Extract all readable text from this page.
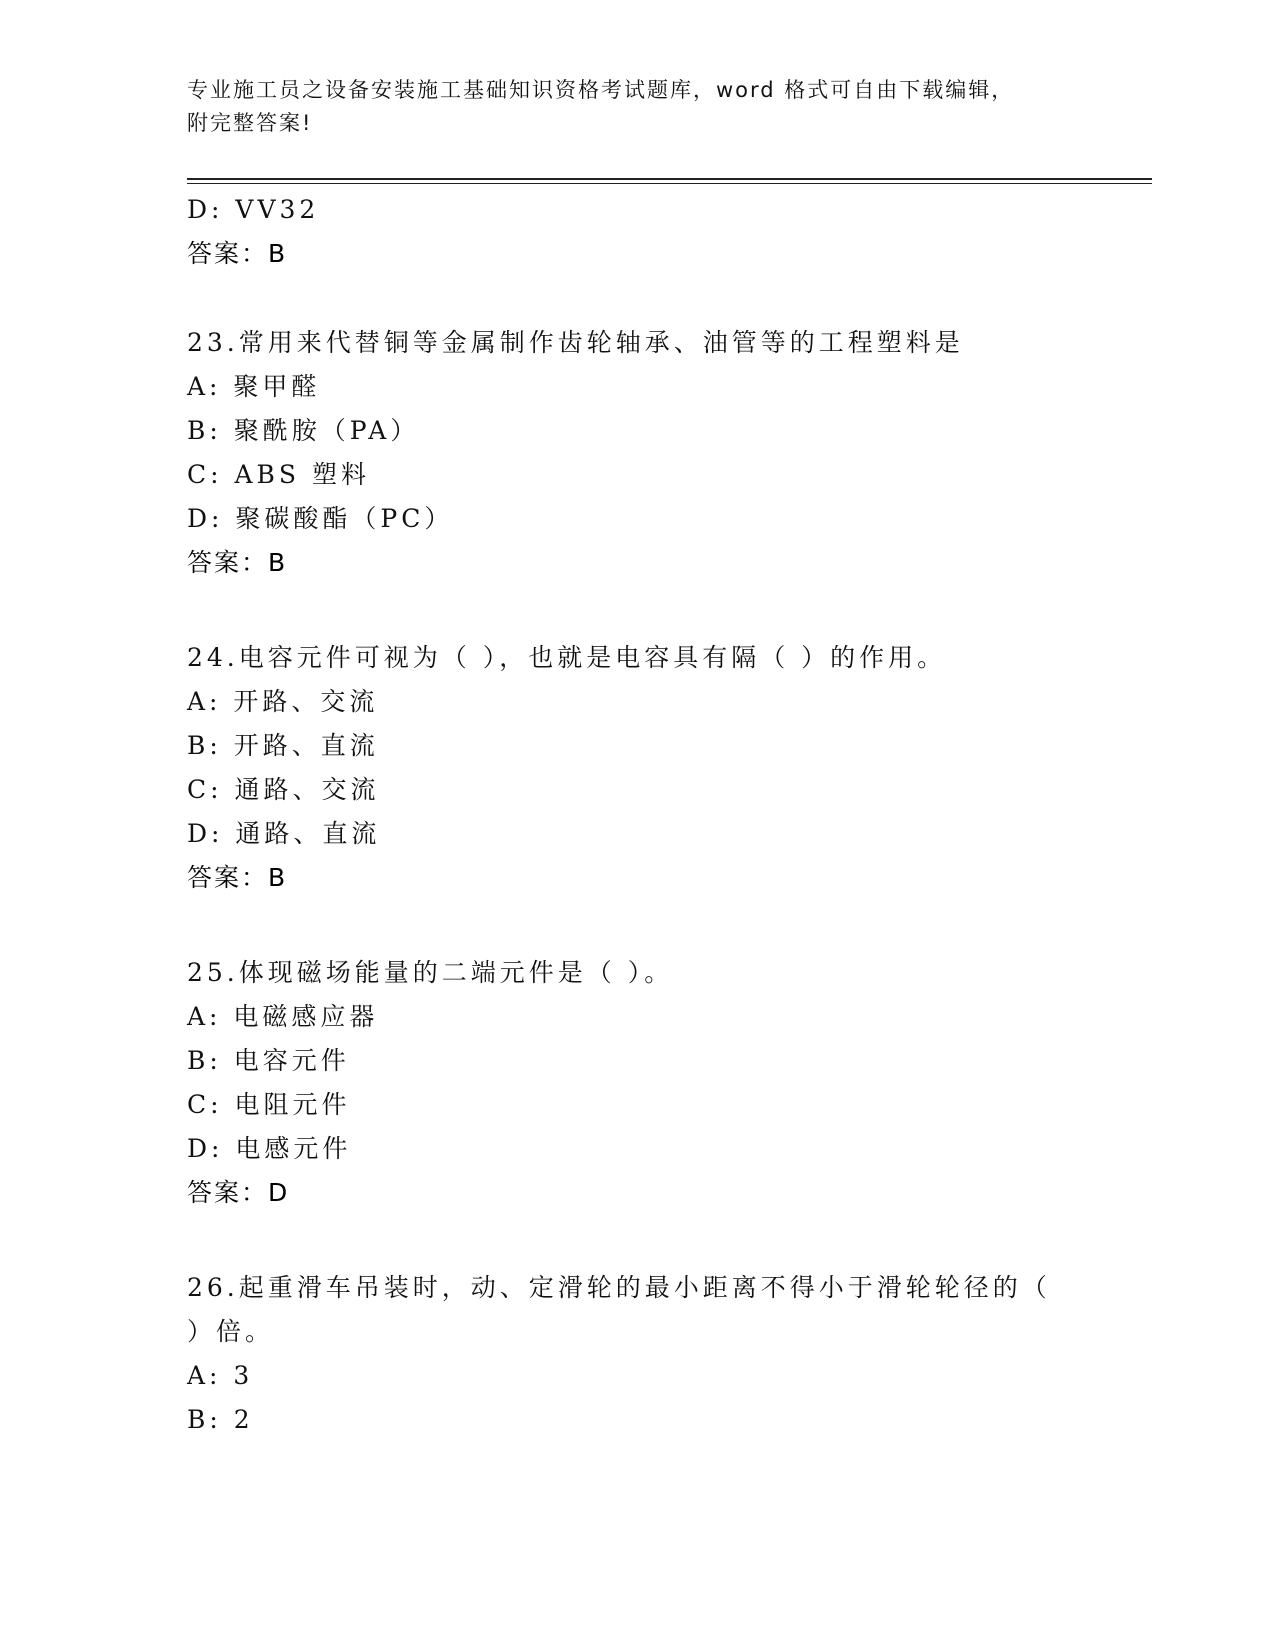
专业施工员之设备安装施工基础知识资格考试题库，word 格式可自由下载编辑，
附完整答案!
D: VV32
答案：B
23.常用来代替铜等金属制作齿轮轴承、油管等的工程塑料是
A: 聚甲醛
B: 聚酰胺（PA）
C: ABS 塑料
D: 聚碳酸酯（PC）
答案：B
24.电容元件可视为（ ），也就是电容具有隔（ ）的作用。
A: 开路、交流
B: 开路、直流
C: 通路、交流
D: 通路、直流
答案：B
25.体现磁场能量的二端元件是（ ）。
A: 电磁感应器
B: 电容元件
C: 电阻元件
D: 电感元件
答案：D
26.起重滑车吊装时，动、定滑轮的最小距离不得小于滑轮轮径的（
）倍。
A: 3
B: 2
